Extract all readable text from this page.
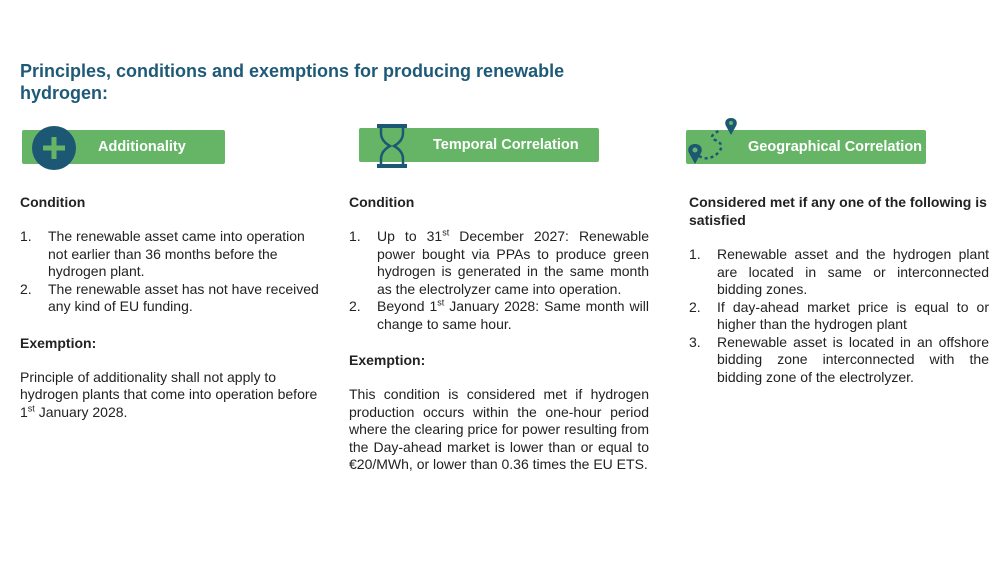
Principles, conditions and exemptions for producing renewable hydrogen:
Additionality
Condition
1. The renewable asset came into operation not earlier than 36 months before the hydrogen plant.
2. The renewable asset has not have received any kind of EU funding.
Exemption:
Principle of additionality shall not apply to hydrogen plants that come into operation before 1st January 2028.
Temporal Correlation
Condition
1. Up to 31st December 2027: Renewable power bought via PPAs to produce green hydrogen is generated in the same month as the electrolyzer came into operation.
2. Beyond 1st January 2028: Same month will change to same hour.
Exemption:
This condition is considered met if hydrogen production occurs within the one-hour period where the clearing price for power resulting from the Day-ahead market is lower than or equal to €20/MWh, or lower than 0.36 times the EU ETS.
Geographical Correlation
Considered met if any one of the following is satisfied
1. Renewable asset and the hydrogen plant are located in same or interconnected bidding zones.
2. If day-ahead market price is equal to or higher than the hydrogen plant
3. Renewable asset is located in an offshore bidding zone interconnected with the bidding zone of the electrolyzer.
